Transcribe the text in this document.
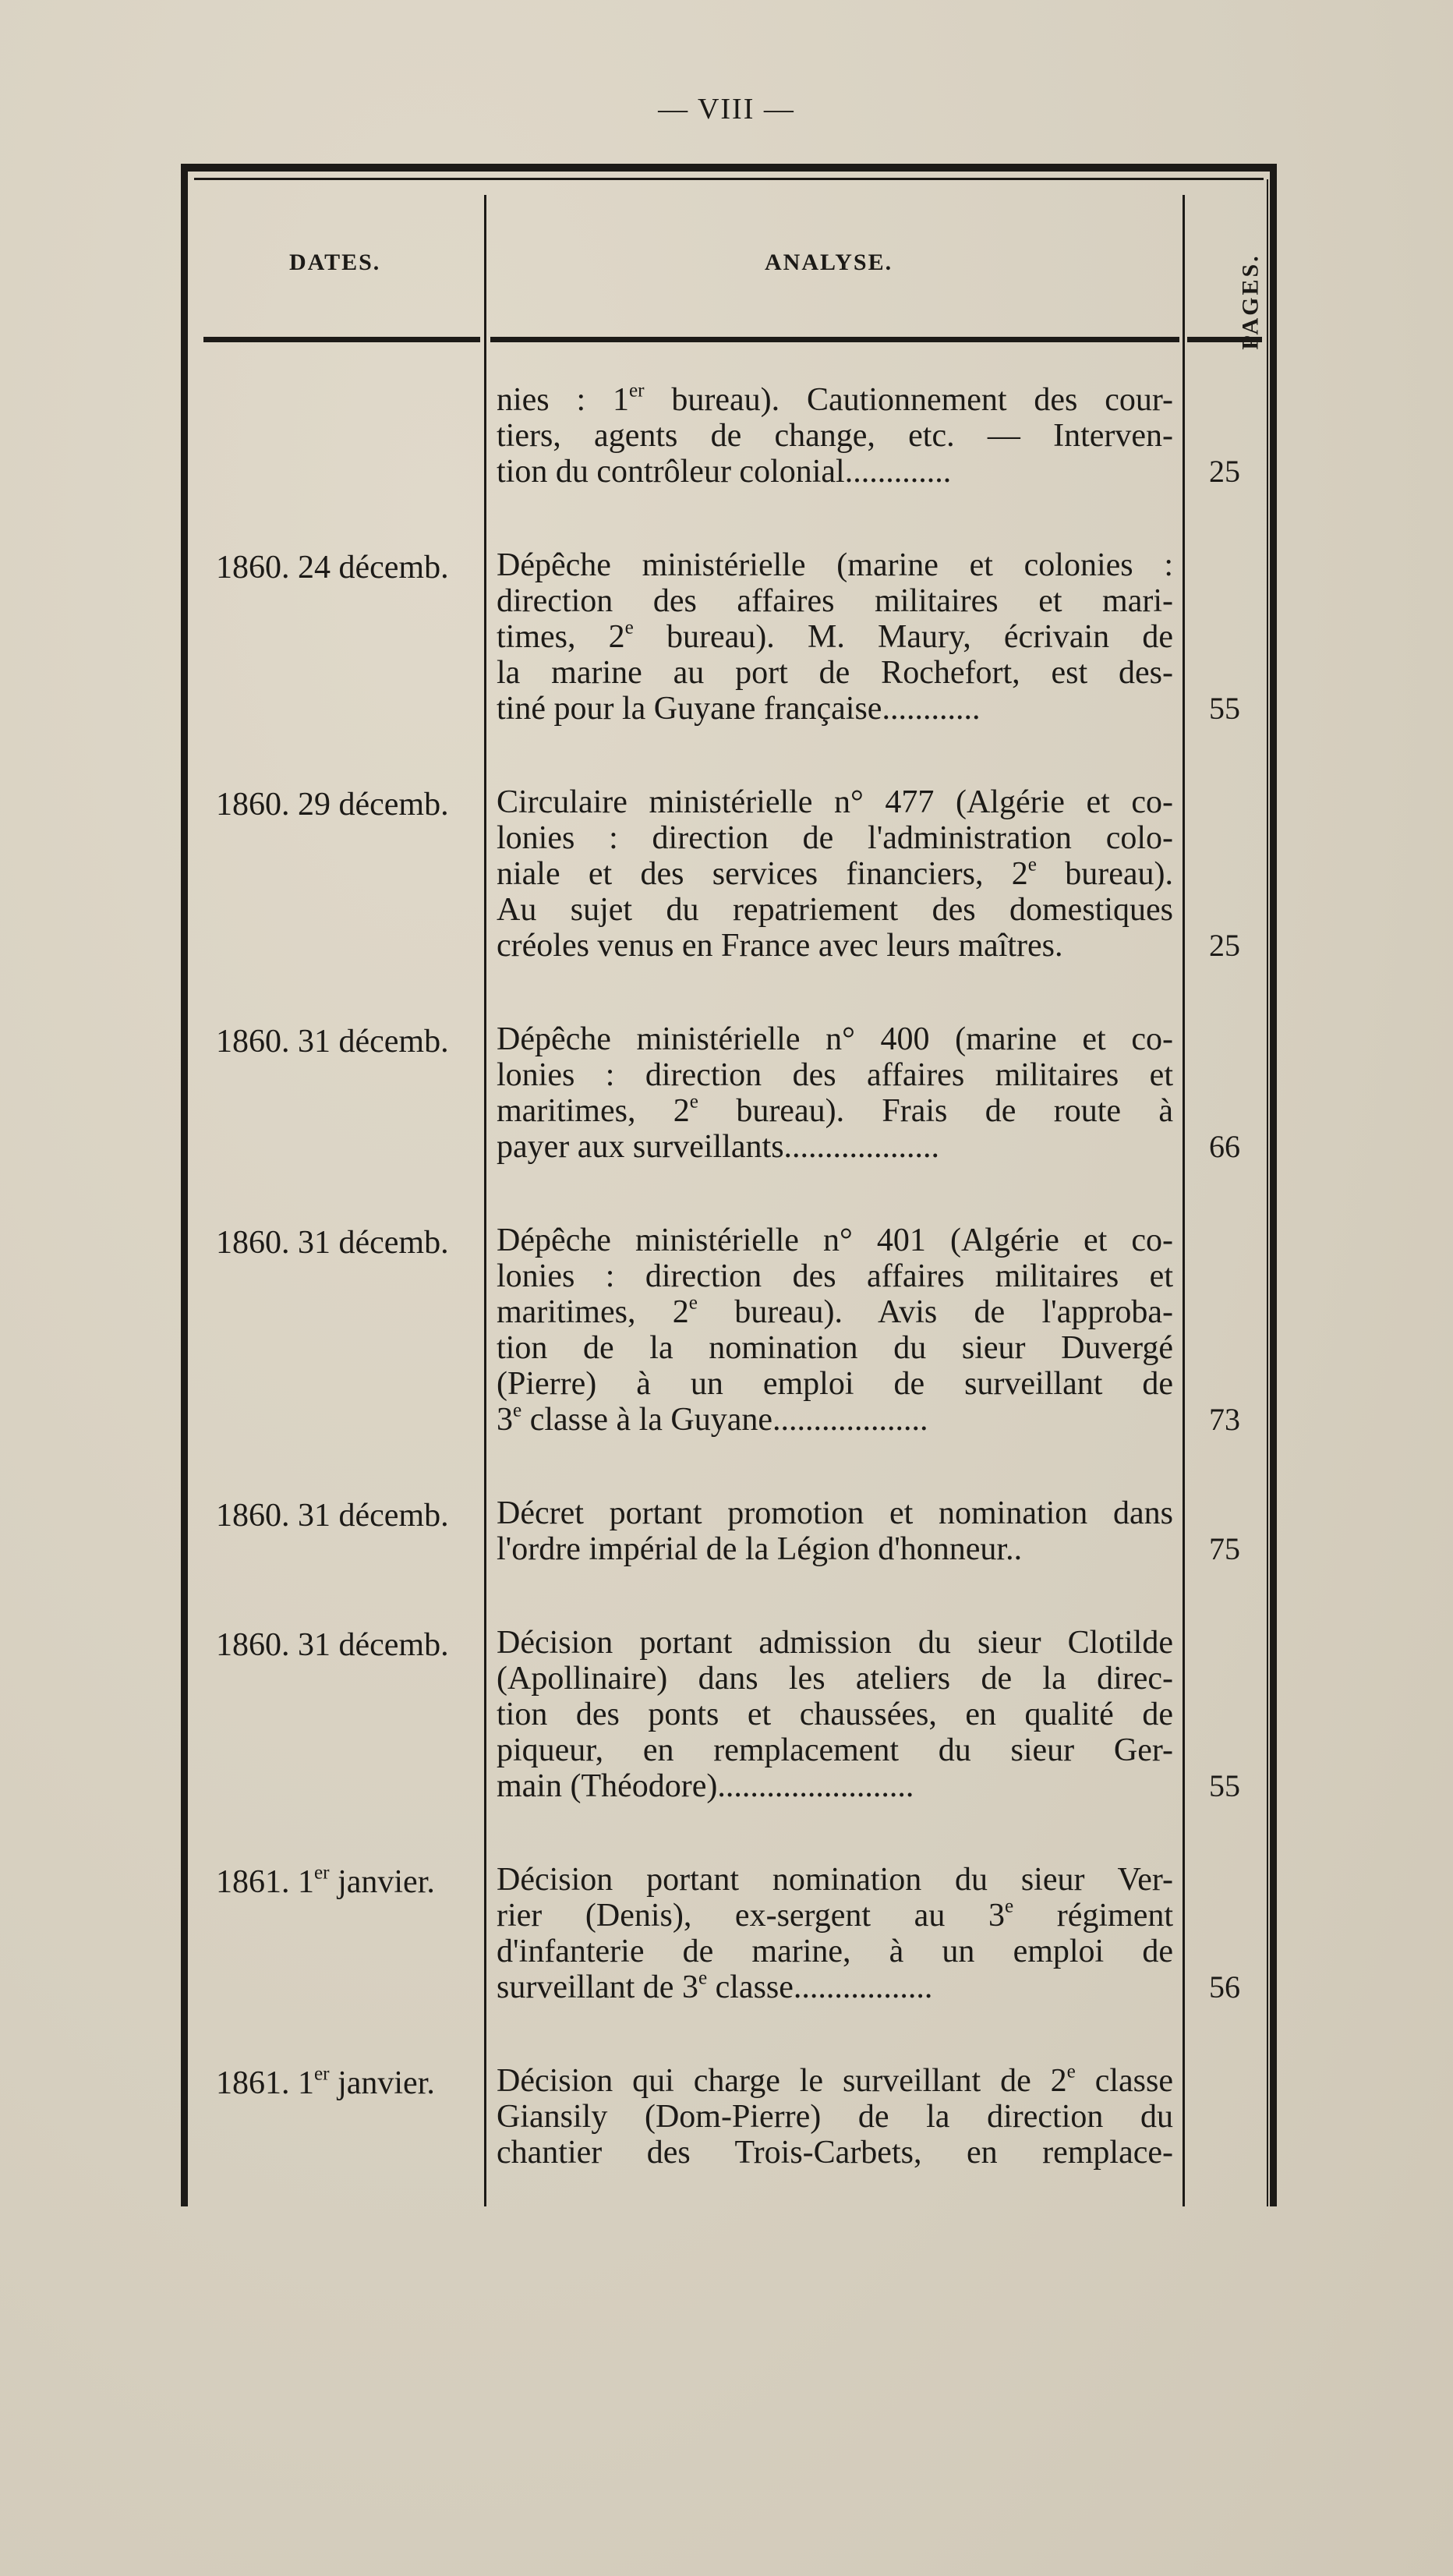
— VIII —
DATES.	ANALYSE.	PAGES.
nies : 1er bureau). Cautionnement des cour-
tiers, agents de change, etc. — Interven-
tion du contrôleur colonial.............	25
1860. 24 décemb.	Dépêche ministérielle (marine et colonies :
direction des affaires militaires et mari-
times, 2e bureau). M. Maury, écrivain de
la marine au port de Rochefort, est des-
tiné pour la Guyane française............	55
1860. 29 décemb.	Circulaire ministérielle n° 477 (Algérie et co-
lonies : direction de l'administration colo-
niale et des services financiers, 2e bureau).
Au sujet du repatriement des domestiques
créoles venus en France avec leurs maîtres.	25
1860. 31 décemb.	Dépêche ministérielle n° 400 (marine et co-
lonies : direction des affaires militaires et
maritimes, 2e bureau). Frais de route à
payer aux surveillants...................	66
1860. 31 décemb.	Dépêche ministérielle n° 401 (Algérie et co-
lonies : direction des affaires militaires et
maritimes, 2e bureau). Avis de l'approba-
tion de la nomination du sieur Duvergé
(Pierre) à un emploi de surveillant de
3e classe à la Guyane...................	73
1860. 31 décemb.	Décret portant promotion et nomination dans
l'ordre impérial de la Légion d'honneur..	75
1860. 31 décemb.	Décision portant admission du sieur Clotilde
(Apollinaire) dans les ateliers de la direc-
tion des ponts et chaussées, en qualité de
piqueur, en remplacement du sieur Ger-
main (Théodore)........................	55
1861. 1er janvier.	Décision portant nomination du sieur Ver-
rier (Denis), ex-sergent au 3e régiment
d'infanterie de marine, à un emploi de
surveillant de 3e classe.................	56
1861. 1er janvier.	Décision qui charge le surveillant de 2e classe
Giansily (Dom-Pierre) de la direction du
chantier des Trois-Carbets, en remplace-
